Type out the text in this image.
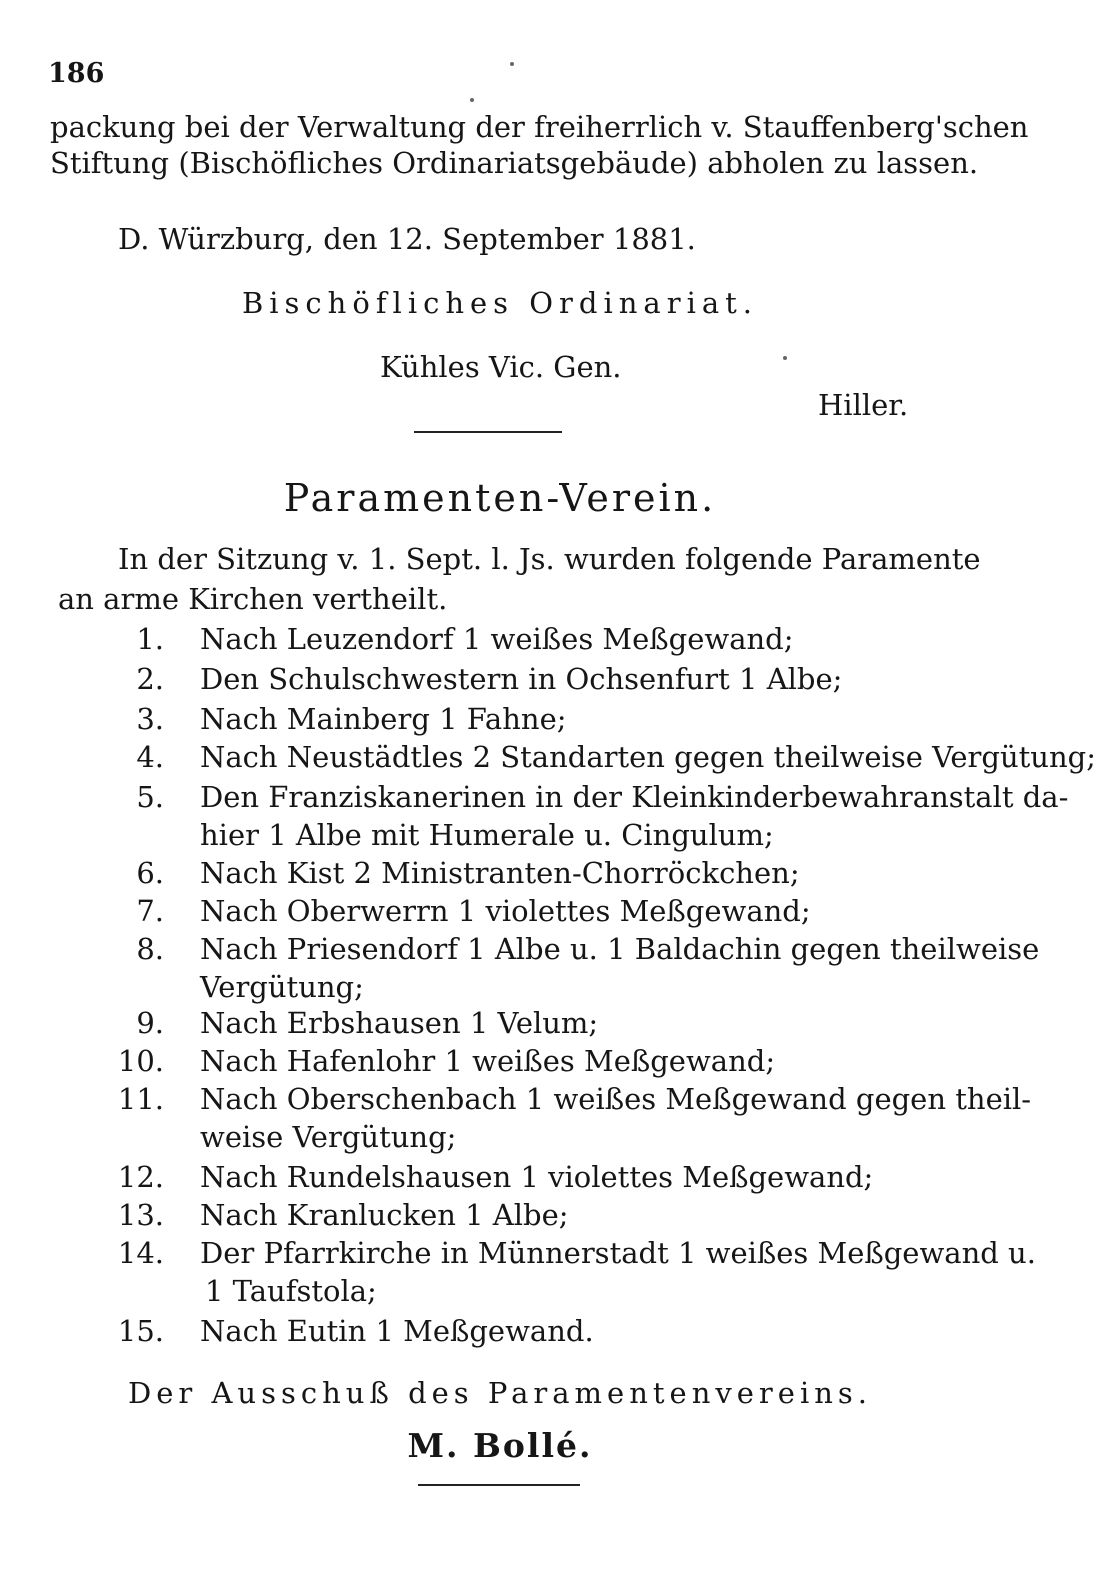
186
packung bei der Verwaltung der freiherrlich v. Stauffenberg'schen
Stiftung (Bischöfliches Ordinariatsgebäude) abholen zu lassen.
D. Würzburg, den 12. September 1881.
Bischöfliches Ordinariat.
Kühles Vic. Gen.
Hiller.
Paramenten-Verein.
In der Sitzung v. 1. Sept. l. Js. wurden folgende Paramente
an arme Kirchen vertheilt.
1. Nach Leuzendorf 1 weißes Meßgewand;
2. Den Schulschwestern in Ochsenfurt 1 Albe;
3. Nach Mainberg 1 Fahne;
4. Nach Neustädtles 2 Standarten gegen theilweise Vergütung;
5. Den Franziskanerinen in der Kleinkinderbewahranstalt da-
hier 1 Albe mit Humerale u. Cingulum;
6. Nach Kist 2 Ministranten-Chorröckchen;
7. Nach Oberwerrn 1 violettes Meßgewand;
8. Nach Priesendorf 1 Albe u. 1 Baldachin gegen theilweise
Vergütung;
9. Nach Erbshausen 1 Velum;
10. Nach Hafenlohr 1 weißes Meßgewand;
11. Nach Oberschenbach 1 weißes Meßgewand gegen theil-
weise Vergütung;
12. Nach Rundelshausen 1 violettes Meßgewand;
13. Nach Kranlucken 1 Albe;
14. Der Pfarrkirche in Münnerstadt 1 weißes Meßgewand u.
1 Taufstola;
15. Nach Eutin 1 Meßgewand.
Der Ausschuß des Paramentenvereins.
M. Bollé.
